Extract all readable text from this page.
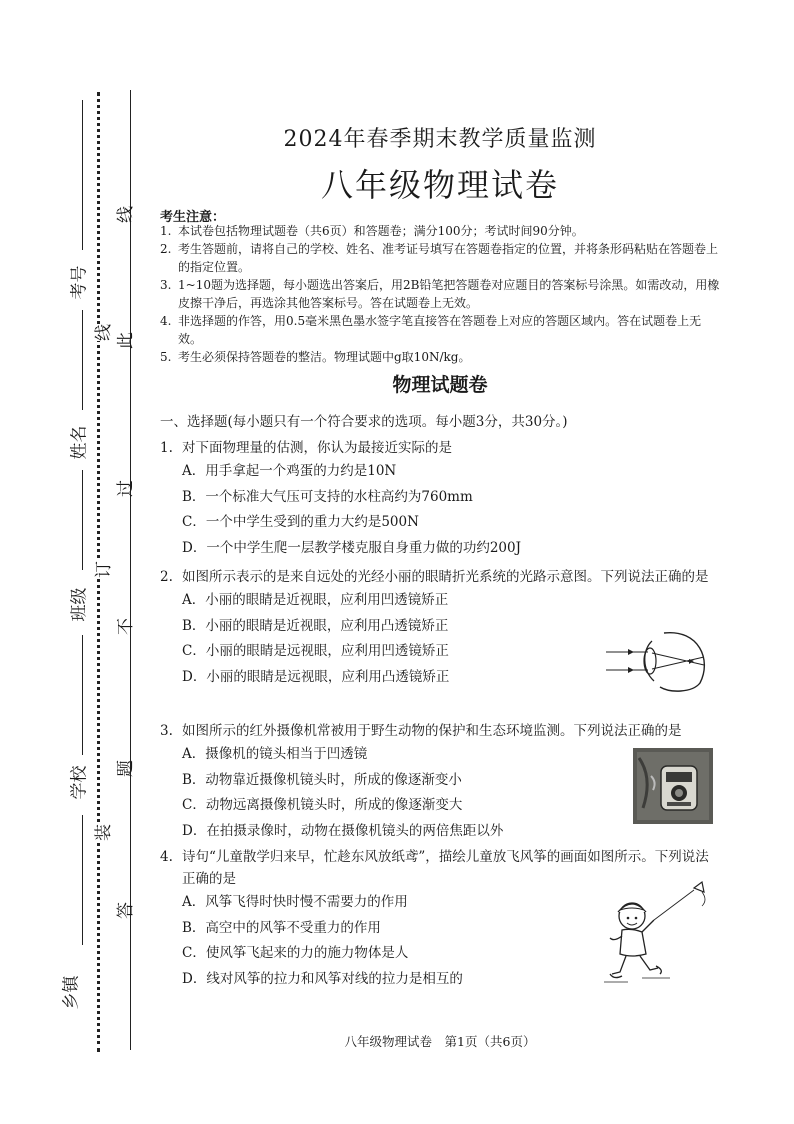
考号
姓名
班级
学校
乡镇
线
订
装
线
此
过
不
题
答
2024年春季期末教学质量监测
八年级物理试卷
考生注意：
1. 本试卷包括物理试题卷（共6页）和答题卷；满分100分；考试时间90分钟。
2. 考生答题前，请将自己的学校、姓名、准考证号填写在答题卷指定的位置，并将条形码粘贴在答题卷上的指定位置。
3. 1~10题为选择题，每小题选出答案后，用2B铅笔把答题卷对应题目的答案标号涂黑。如需改动，用橡皮擦干净后，再选涂其他答案标号。答在试题卷上无效。
4. 非选择题的作答，用0.5毫米黑色墨水签字笔直接答在答题卷上对应的答题区域内。答在试题卷上无效。
5. 考生必须保持答题卷的整洁。物理试题中g取10N/kg。
物理试题卷
一、选择题(每小题只有一个符合要求的选项。每小题3分，共30分。)
1. 对下面物理量的估测，你认为最接近实际的是
A．用手拿起一个鸡蛋的力约是10N
B．一个标准大气压可支持的水柱高约为760mm
C．一个中学生受到的重力大约是500N
D．一个中学生爬一层教学楼克服自身重力做的功约200J
2. 如图所示表示的是来自远处的光经小丽的眼睛折光系统的光路示意图。下列说法正确的是
A．小丽的眼睛是近视眼，应利用凹透镜矫正
B．小丽的眼睛是近视眼，应利用凸透镜矫正
C．小丽的眼睛是远视眼，应利用凹透镜矫正
D．小丽的眼睛是远视眼，应利用凸透镜矫正
3. 如图所示的红外摄像机常被用于野生动物的保护和生态环境监测。下列说法正确的是
A．摄像机的镜头相当于凹透镜
B．动物靠近摄像机镜头时，所成的像逐渐变小
C．动物远离摄像机镜头时，所成的像逐渐变大
D．在拍摄录像时，动物在摄像机镜头的两倍焦距以外
4. 诗句“儿童散学归来早，忙趁东风放纸鸢”，描绘儿童放飞风筝的画面如图所示。下列说法正确的是
A．风筝飞得时快时慢不需要力的作用
B．高空中的风筝不受重力的作用
C．使风筝飞起来的力的施力物体是人
D．线对风筝的拉力和风筝对线的拉力是相互的
八年级物理试卷　第1页（共6页）
